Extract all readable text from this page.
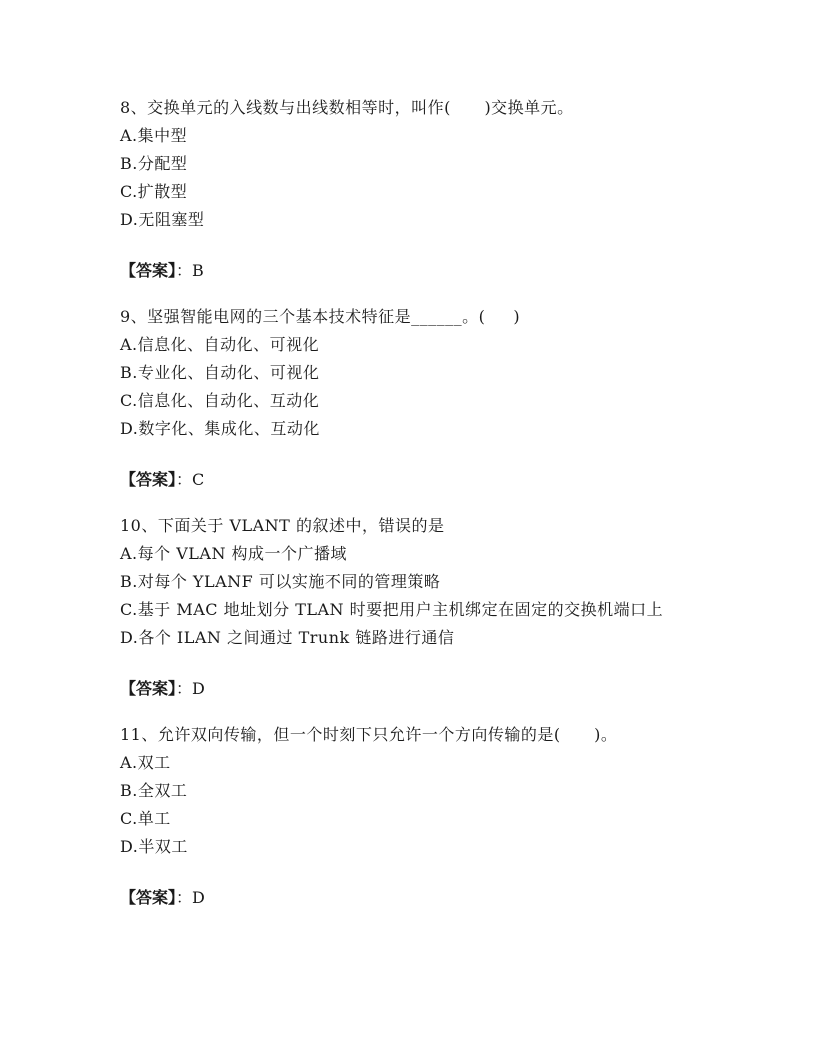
8、交换单元的入线数与出线数相等时，叫作(      )交换单元。
A.集中型
B.分配型
C.扩散型
D.无阻塞型
【答案】：B
9、坚强智能电网的三个基本技术特征是______。(     )
A.信息化、自动化、可视化
B.专业化、自动化、可视化
C.信息化、自动化、互动化
D.数字化、集成化、互动化
【答案】：C
10、下面关于 VLANT 的叙述中，错误的是
A.每个 VLAN 构成一个广播域
B.对每个 YLANF 可以实施不同的管理策略
C.基于 MAC 地址划分 TLAN 时要把用户主机绑定在固定的交换机端口上
D.各个 ILAN 之间通过 Trunk 链路进行通信
【答案】：D
11、允许双向传输，但一个时刻下只允许一个方向传输的是(      )。
A.双工
B.全双工
C.单工
D.半双工
【答案】：D
